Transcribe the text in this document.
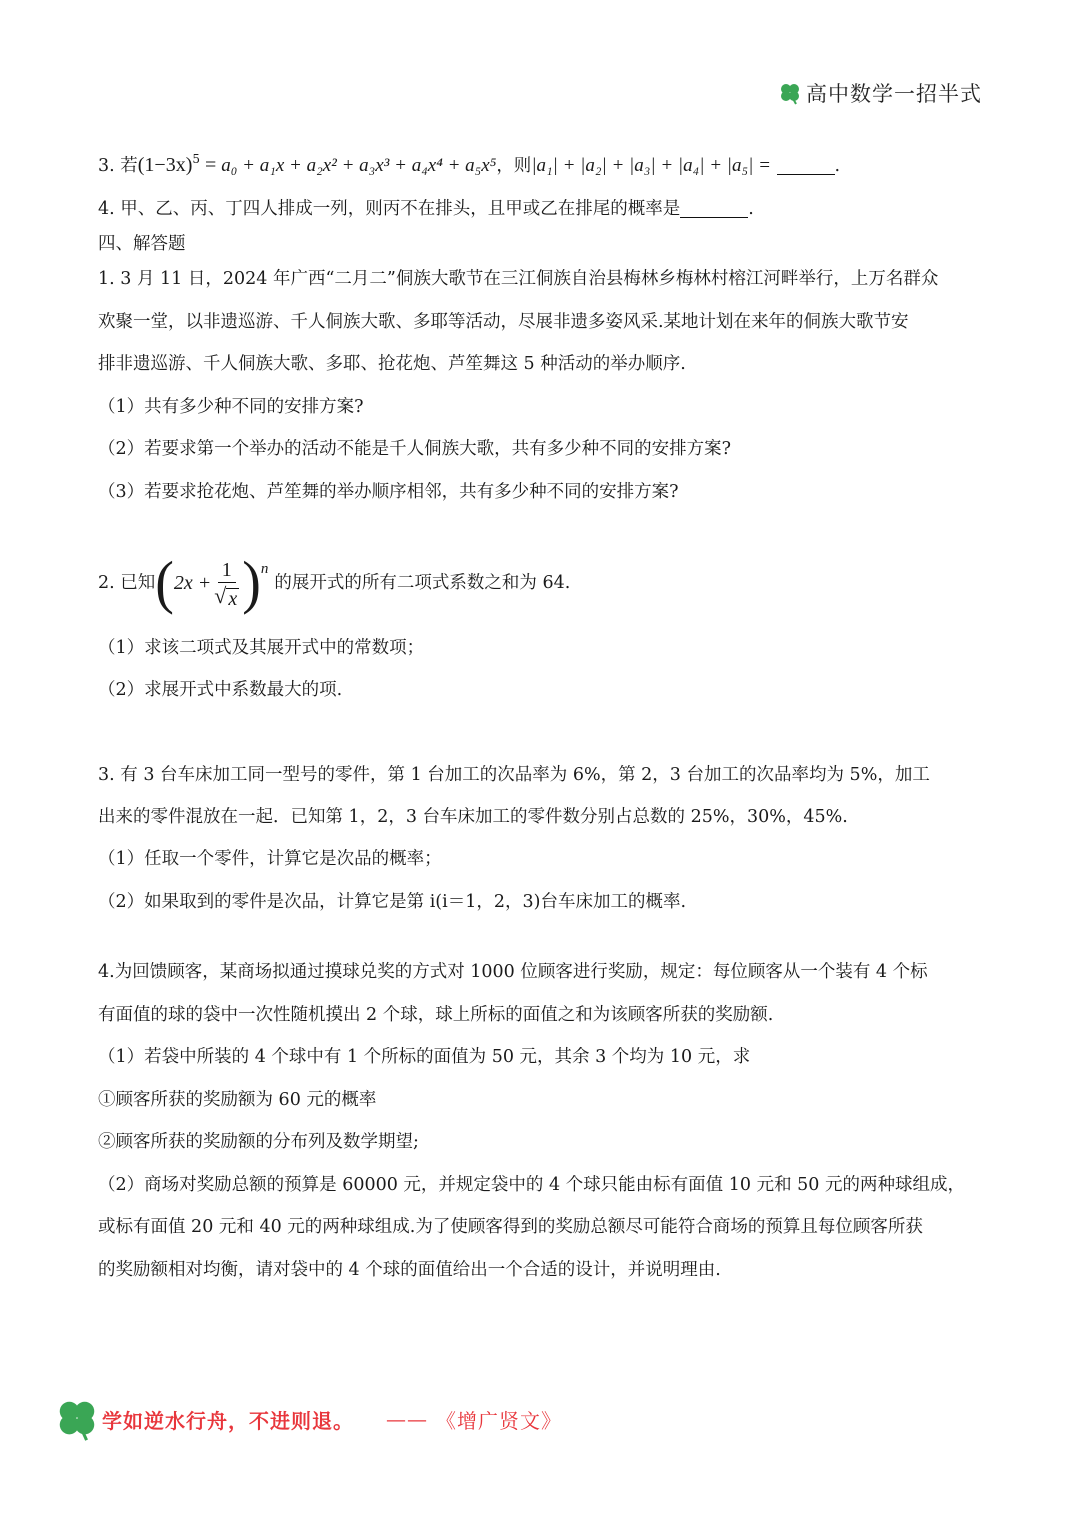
高中数学一招半式
3. 若$(1-3x)^5 = a_0 + a_1x + a_2x^2 + a_3x^3 + a_4x^4 + a_5x^5$，则|a₁| + |a₂| + |a₃| + |a₄| + |a₅| =	.
4. 甲、乙、丙、丁四人排成一列，则丙不在排头，且甲或乙在排尾的概率是	.
四、解答题
1. 3 月 11 日，2024 年广西“二月二”侗族大歌节在三江侗族自治县梅林乡梅林村榕江河畔举行，上万名群众
欢聚一堂，以非遗巡游、千人侗族大歌、多耶等活动，尽展非遗多姿风采.某地计划在来年的侗族大歌节安
排非遗巡游、千人侗族大歌、多耶、抢花炮、芦笙舞这 5 种活动的举办顺序.
（1）共有多少种不同的安排方案?
（2）若要求第一个举办的活动不能是千人侗族大歌，共有多少种不同的安排方案?
（3）若要求抢花炮、芦笙舞的举办顺序相邻，共有多少种不同的安排方案?
2. 已知 ( $2x + \frac{1}{√ x}$ ) n
的展开式的所有二项式系数之和为 64.
（1）求该二项式及其展开式中的常数项；
（2）求展开式中系数最大的项.
3. 有 3 台车床加工同一型号的零件，第 1 台加工的次品率为 6%，第 2，3 台加工的次品率均为 5%，加工
出来的零件混放在一起．已知第 1，2，3 台车床加工的零件数分别占总数的 25%，30%，45%.
（1）任取一个零件，计算它是次品的概率；
（2）如果取到的零件是次品，计算它是第 i(i＝1，2，3)台车床加工的概率.
4.为回馈顾客，某商场拟通过摸球兑奖的方式对 1000 位顾客进行奖励，规定：每位顾客从一个装有 4 个标
有面值的球的袋中一次性随机摸出 2 个球，球上所标的面值之和为该顾客所获的奖励额.
（1）若袋中所装的 4 个球中有 1 个所标的面值为 50 元，其余 3 个均为 10 元，求
①顾客所获的奖励额为 60 元的概率
②顾客所获的奖励额的分布列及数学期望;
（2）商场对奖励总额的预算是 60000 元，并规定袋中的 4 个球只能由标有面值 10 元和 50 元的两种球组成，
或标有面值 20 元和 40 元的两种球组成.为了使顾客得到的奖励总额尽可能符合商场的预算且每位顾客所获
的奖励额相对均衡，请对袋中的 4 个球的面值给出一个合适的设计，并说明理由.
学如逆水行舟，不进则退。 —— 《增广贤文》
